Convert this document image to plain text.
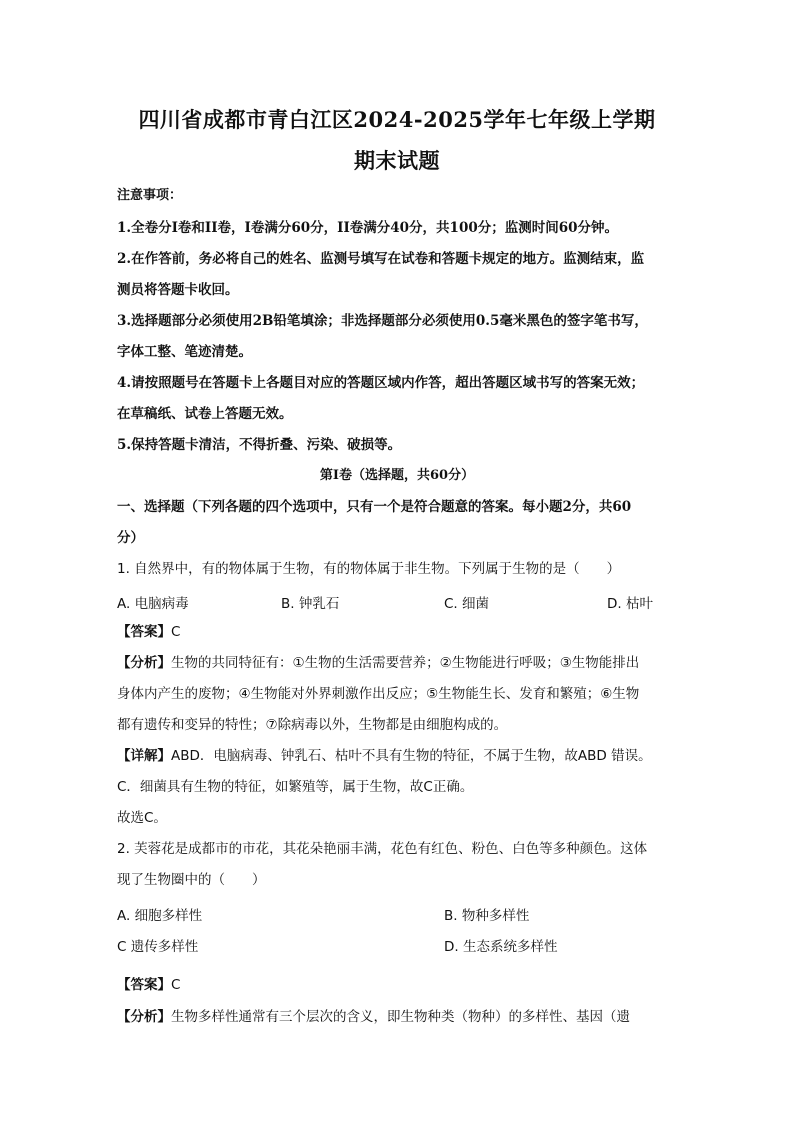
四川省成都市青白江区2024-2025学年七年级上学期
期末试题
注意事项：
1.全卷分I卷和II卷，I卷满分60分，II卷满分40分，共100分；监测时间60分钟。
2.在作答前，务必将自己的姓名、监测号填写在试卷和答题卡规定的地方。监测结束，监
测员将答题卡收回。
3.选择题部分必须使用2B铅笔填涂；非选择题部分必须使用0.5毫米黑色的签字笔书写，
字体工整、笔迹清楚。
4.请按照题号在答题卡上各题目对应的答题区域内作答，超出答题区域书写的答案无效；
在草稿纸、试卷上答题无效。
5.保持答题卡清洁，不得折叠、污染、破损等。
第I卷（选择题，共60分）
一、选择题（下列各题的四个选项中，只有一个是符合题意的答案。每小题2分，共60
分）
1. 自然界中，有的物体属于生物，有的物体属于非生物。下列属于生物的是（　　）
A. 电脑病毒	B. 钟乳石	C. 细菌	D. 枯叶
【答案】C
【分析】生物的共同特征有：①生物的生活需要营养；②生物能进行呼吸；③生物能排出
身体内产生的废物；④生物能对外界刺激作出反应；⑤生物能生长、发育和繁殖；⑥生物
都有遗传和变异的特性；⑦除病毒以外，生物都是由细胞构成的。
【详解】ABD．电脑病毒、钟乳石、枯叶不具有生物的特征，不属于生物，故ABD 错误。
C．细菌具有生物的特征，如繁殖等，属于生物，故C正确。
故选C。
2. 芙蓉花是成都市的市花，其花朵艳丽丰满，花色有红色、粉色、白色等多种颜色。这体
现了生物圈中的（　　）
A. 细胞多样性	B. 物种多样性
C 遗传多样性	D. 生态系统多样性
【答案】C
【分析】生物多样性通常有三个层次的含义，即生物种类（物种）的多样性、基因（遗
